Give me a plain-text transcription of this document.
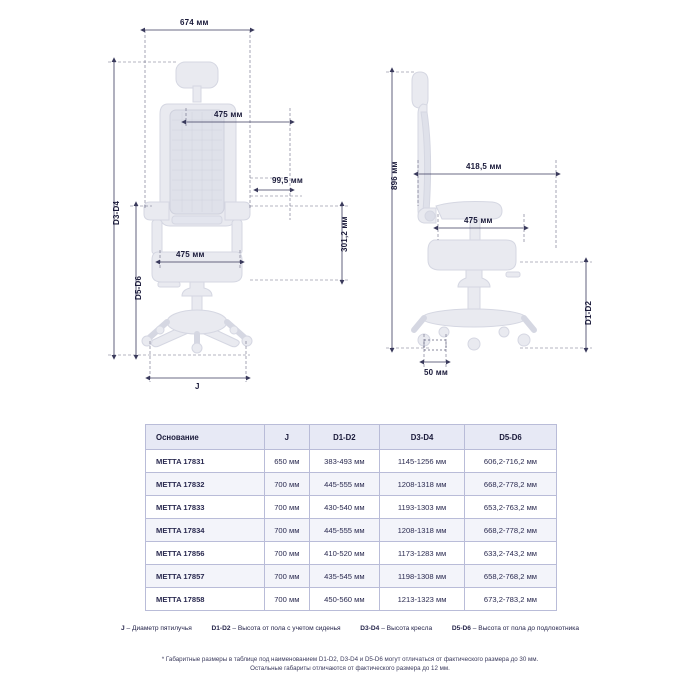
674 мм
475 мм
99,5 мм
301,2 мм
475 мм
D3-D4
D5-D6
J
896 мм	418,5 мм
475 мм
D1-D2
50 мм
Основание	J	D1-D2	D3-D4	D5-D6
METTA 17831	650 мм	383-493 мм	1145-1256 мм	606,2-716,2 мм
METTA 17832	700 мм	445-555 мм	1208-1318 мм	668,2-778,2 мм
METTA 17833	700 мм	430-540 мм	1193-1303 мм	653,2-763,2 мм
METTA 17834	700 мм	445-555 мм	1208-1318 мм	668,2-778,2 мм
METTA 17856	700 мм	410-520 мм	1173-1283 мм	633,2-743,2 мм
METTA 17857	700 мм	435-545 мм	1198-1308 мм	658,2-768,2 мм
METTA 17858	700 мм	450-560 мм	1213-1323 мм	673,2-783,2 мм
J – Диаметр пятилучья	D1-D2 – Высота от пола с учетом сиденья	D3-D4 – Высота кресла	D5-D6 – Высота от пола до подлокотника
* Габаритные размеры в таблице под наименованием D1-D2, D3-D4 и D5-D6 могут отличаться от фактического размера до 30 мм.
Остальные габариты отличаются от фактического размера до 12 мм.
